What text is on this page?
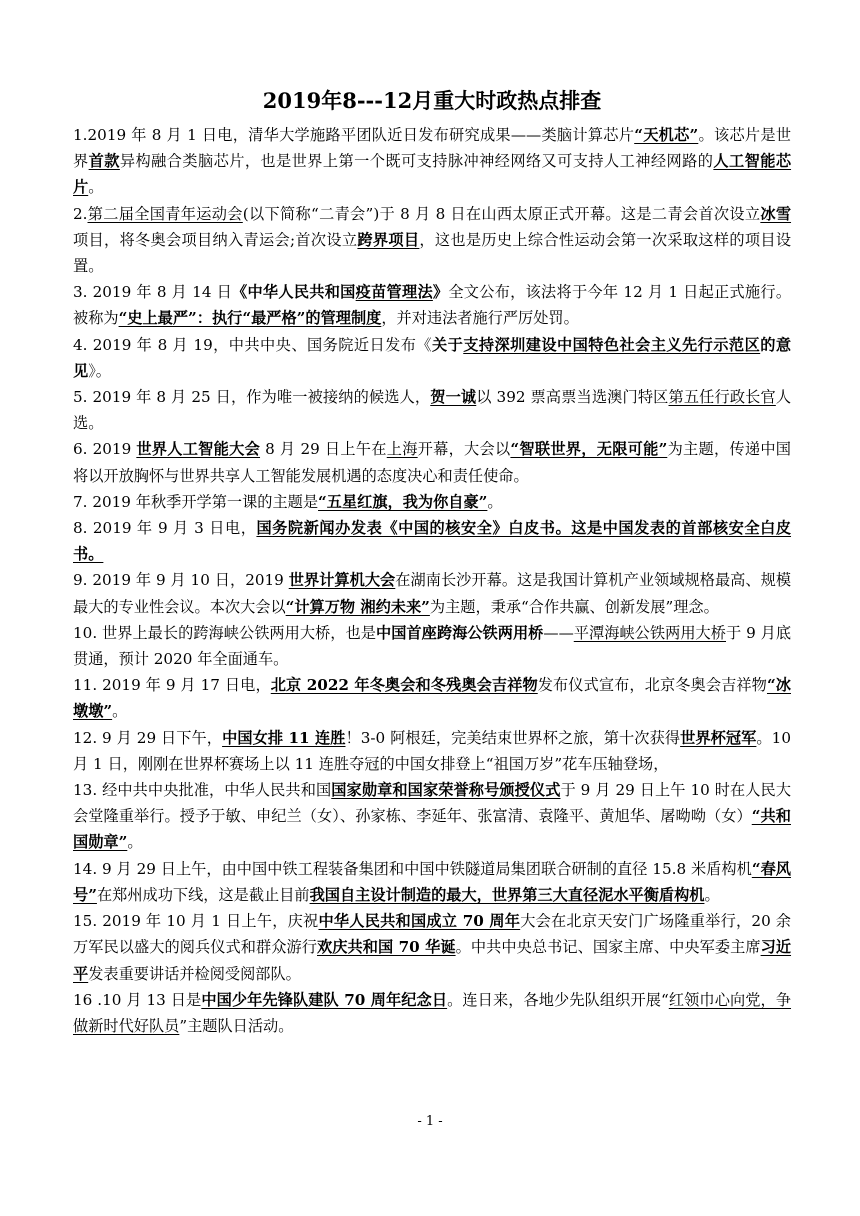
2019年8---12月重大时政热点排查

1.2019 年 8 月 1 日电，清华大学施路平团队近日发布研究成果——类脑计算芯片“天机芯”。该芯片是世界首款异构融合类脑芯片，也是世界上第一个既可支持脉冲神经网络又可支持人工神经网路的人工智能芯片。

2.第二届全国青年运动会(以下简称“二青会”)于 8 月 8 日在山西太原正式开幕。这是二青会首次设立冰雪项目，将冬奥会项目纳入青运会;首次设立跨界项目，这也是历史上综合性运动会第一次采取这样的项目设置。

3. 2019 年 8 月 14 日《中华人民共和国疫苗管理法》全文公布，该法将于今年 12 月 1 日起正式施行。被称为“史上最严”：执行“最严格”的管理制度，并对违法者施行严厉处罚。

4. 2019 年 8 月 19，中共中央、国务院近日发布《关于支持深圳建设中国特色社会主义先行示范区的意见》。

5. 2019 年 8 月 25 日，作为唯一被接纳的候选人，贺一诚以 392 票高票当选澳门特区第五任行政长官人选。

6. 2019 世界人工智能大会 8 月 29 日上午在上海开幕，大会以“智联世界，无限可能”为主题，传递中国将以开放胸怀与世界共享人工智能发展机遇的态度决心和责任使命。

7. 2019 年秋季开学第一课的主题是“五星红旗，我为你自豪”。

8. 2019 年 9 月 3 日电，国务院新闻办发表《中国的核安全》白皮书。这是中国发表的首部核安全白皮书。

9. 2019 年 9 月 10 日，2019 世界计算机大会在湖南长沙开幕。这是我国计算机产业领域规格最高、规模最大的专业性会议。本次大会以“计算万物 湘约未来”为主题，秉承“合作共赢、创新发展”理念。

10. 世界上最长的跨海峡公铁两用大桥，也是中国首座跨海公铁两用桥——平潭海峡公铁两用大桥于 9 月底贯通，预计 2020 年全面通车。

11. 2019 年 9 月 17 日电，北京 2022 年冬奥会和冬残奥会吉祥物发布仪式宣布，北京冬奥会吉祥物“冰墩墩”。

12. 9 月 29 日下午，中国女排 11 连胜！3-0 阿根廷，完美结束世界杯之旅，第十次获得世界杯冠军。10 月 1 日，刚刚在世界杯赛场上以 11 连胜夺冠的中国女排登上“祖国万岁”花车压轴登场，

13. 经中共中央批准，中华人民共和国国家勋章和国家荣誉称号颁授仪式于 9 月 29 日上午 10 时在人民大会堂隆重举行。授予于敏、申纪兰（女）、孙家栋、李延年、张富清、袁隆平、黄旭华、屠呦呦（女）“共和国勋章”。

14. 9 月 29 日上午，由中国中铁工程装备集团和中国中铁隧道局集团联合研制的直径 15.8 米盾构机“春风号”在郑州成功下线，这是截止目前我国自主设计制造的最大，世界第三大直径泥水平衡盾构机。

15. 2019 年 10 月 1 日上午，庆祝中华人民共和国成立 70 周年大会在北京天安门广场隆重举行，20 余万军民以盛大的阅兵仪式和群众游行欢庆共和国 70 华诞。中共中央总书记、国家主席、中央军委主席习近平发表重要讲话并检阅受阅部队。

16 .10 月 13 日是中国少年先锋队建队 70 周年纪念日。连日来，各地少先队组织开展“红领巾心向党，争做新时代好队员”主题队日活动。

- 1 -
